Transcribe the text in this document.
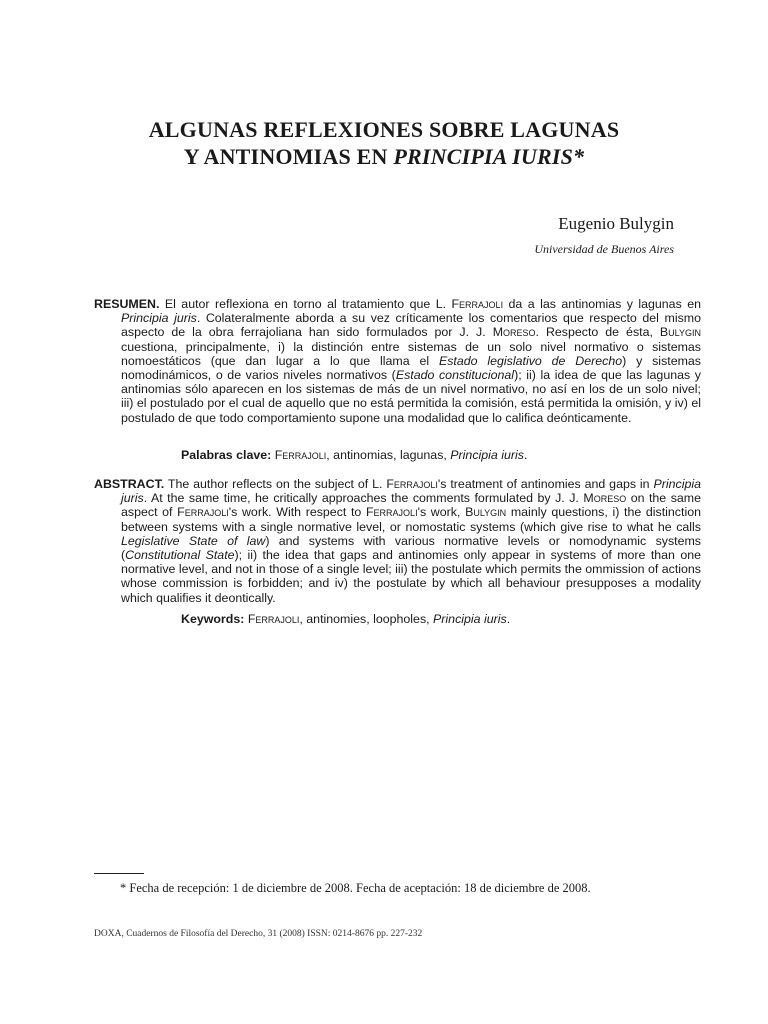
ALGUNAS REFLEXIONES SOBRE LAGUNAS
Y ANTINOMIAS EN PRINCIPIA IURIS*
Eugenio Bulygin
Universidad de Buenos Aires
RESUMEN. El autor reflexiona en torno al tratamiento que L. Ferrajoli da a las antinomias y lagunas en Principia juris. Colateralmente aborda a su vez críticamente los comentarios que respecto del mismo aspecto de la obra ferrajoliana han sido formulados por J. J. Moreso. Respecto de ésta, Bulygin cuestiona, principalmente, i) la distinción entre sistemas de un solo nivel normativo o sistemas nomoestáticos (que dan lugar a lo que llama el Estado legislativo de Derecho) y sistemas nomodinámicos, o de varios niveles normativos (Estado constitucional); ii) la idea de que las lagunas y antinomias sólo aparecen en los sistemas de más de un nivel normativo, no así en los de un solo nivel; iii) el postulado por el cual de aquello que no está permitida la comisión, está permitida la omisión, y iv) el postulado de que todo comportamiento supone una modalidad que lo califica deónticamente.
Palabras clave: Ferrajoli, antinomias, lagunas, Principia iuris.
ABSTRACT. The author reflects on the subject of L. Ferrajoli's treatment of antinomies and gaps in Principia juris. At the same time, he critically approaches the comments formulated by J. J. Moreso on the same aspect of Ferrajoli's work. With respect to Ferrajoli's work, Bulygin mainly questions, i) the distinction between systems with a single normative level, or nomostatic systems (which give rise to what he calls Legislative State of law) and systems with various normative levels or nomodynamic systems (Constitutional State); ii) the idea that gaps and antinomies only appear in systems of more than one normative level, and not in those of a single level; iii) the postulate which permits the ommission of actions whose commission is forbidden; and iv) the postulate by which all behaviour presupposes a modality which qualifies it deontically.
Keywords: Ferrajoli, antinomies, loopholes, Principia iuris.
* Fecha de recepción: 1 de diciembre de 2008. Fecha de aceptación: 18 de diciembre de 2008.
DOXA, Cuadernos de Filosofía del Derecho, 31 (2008) ISSN: 0214-8676 pp. 227-232
